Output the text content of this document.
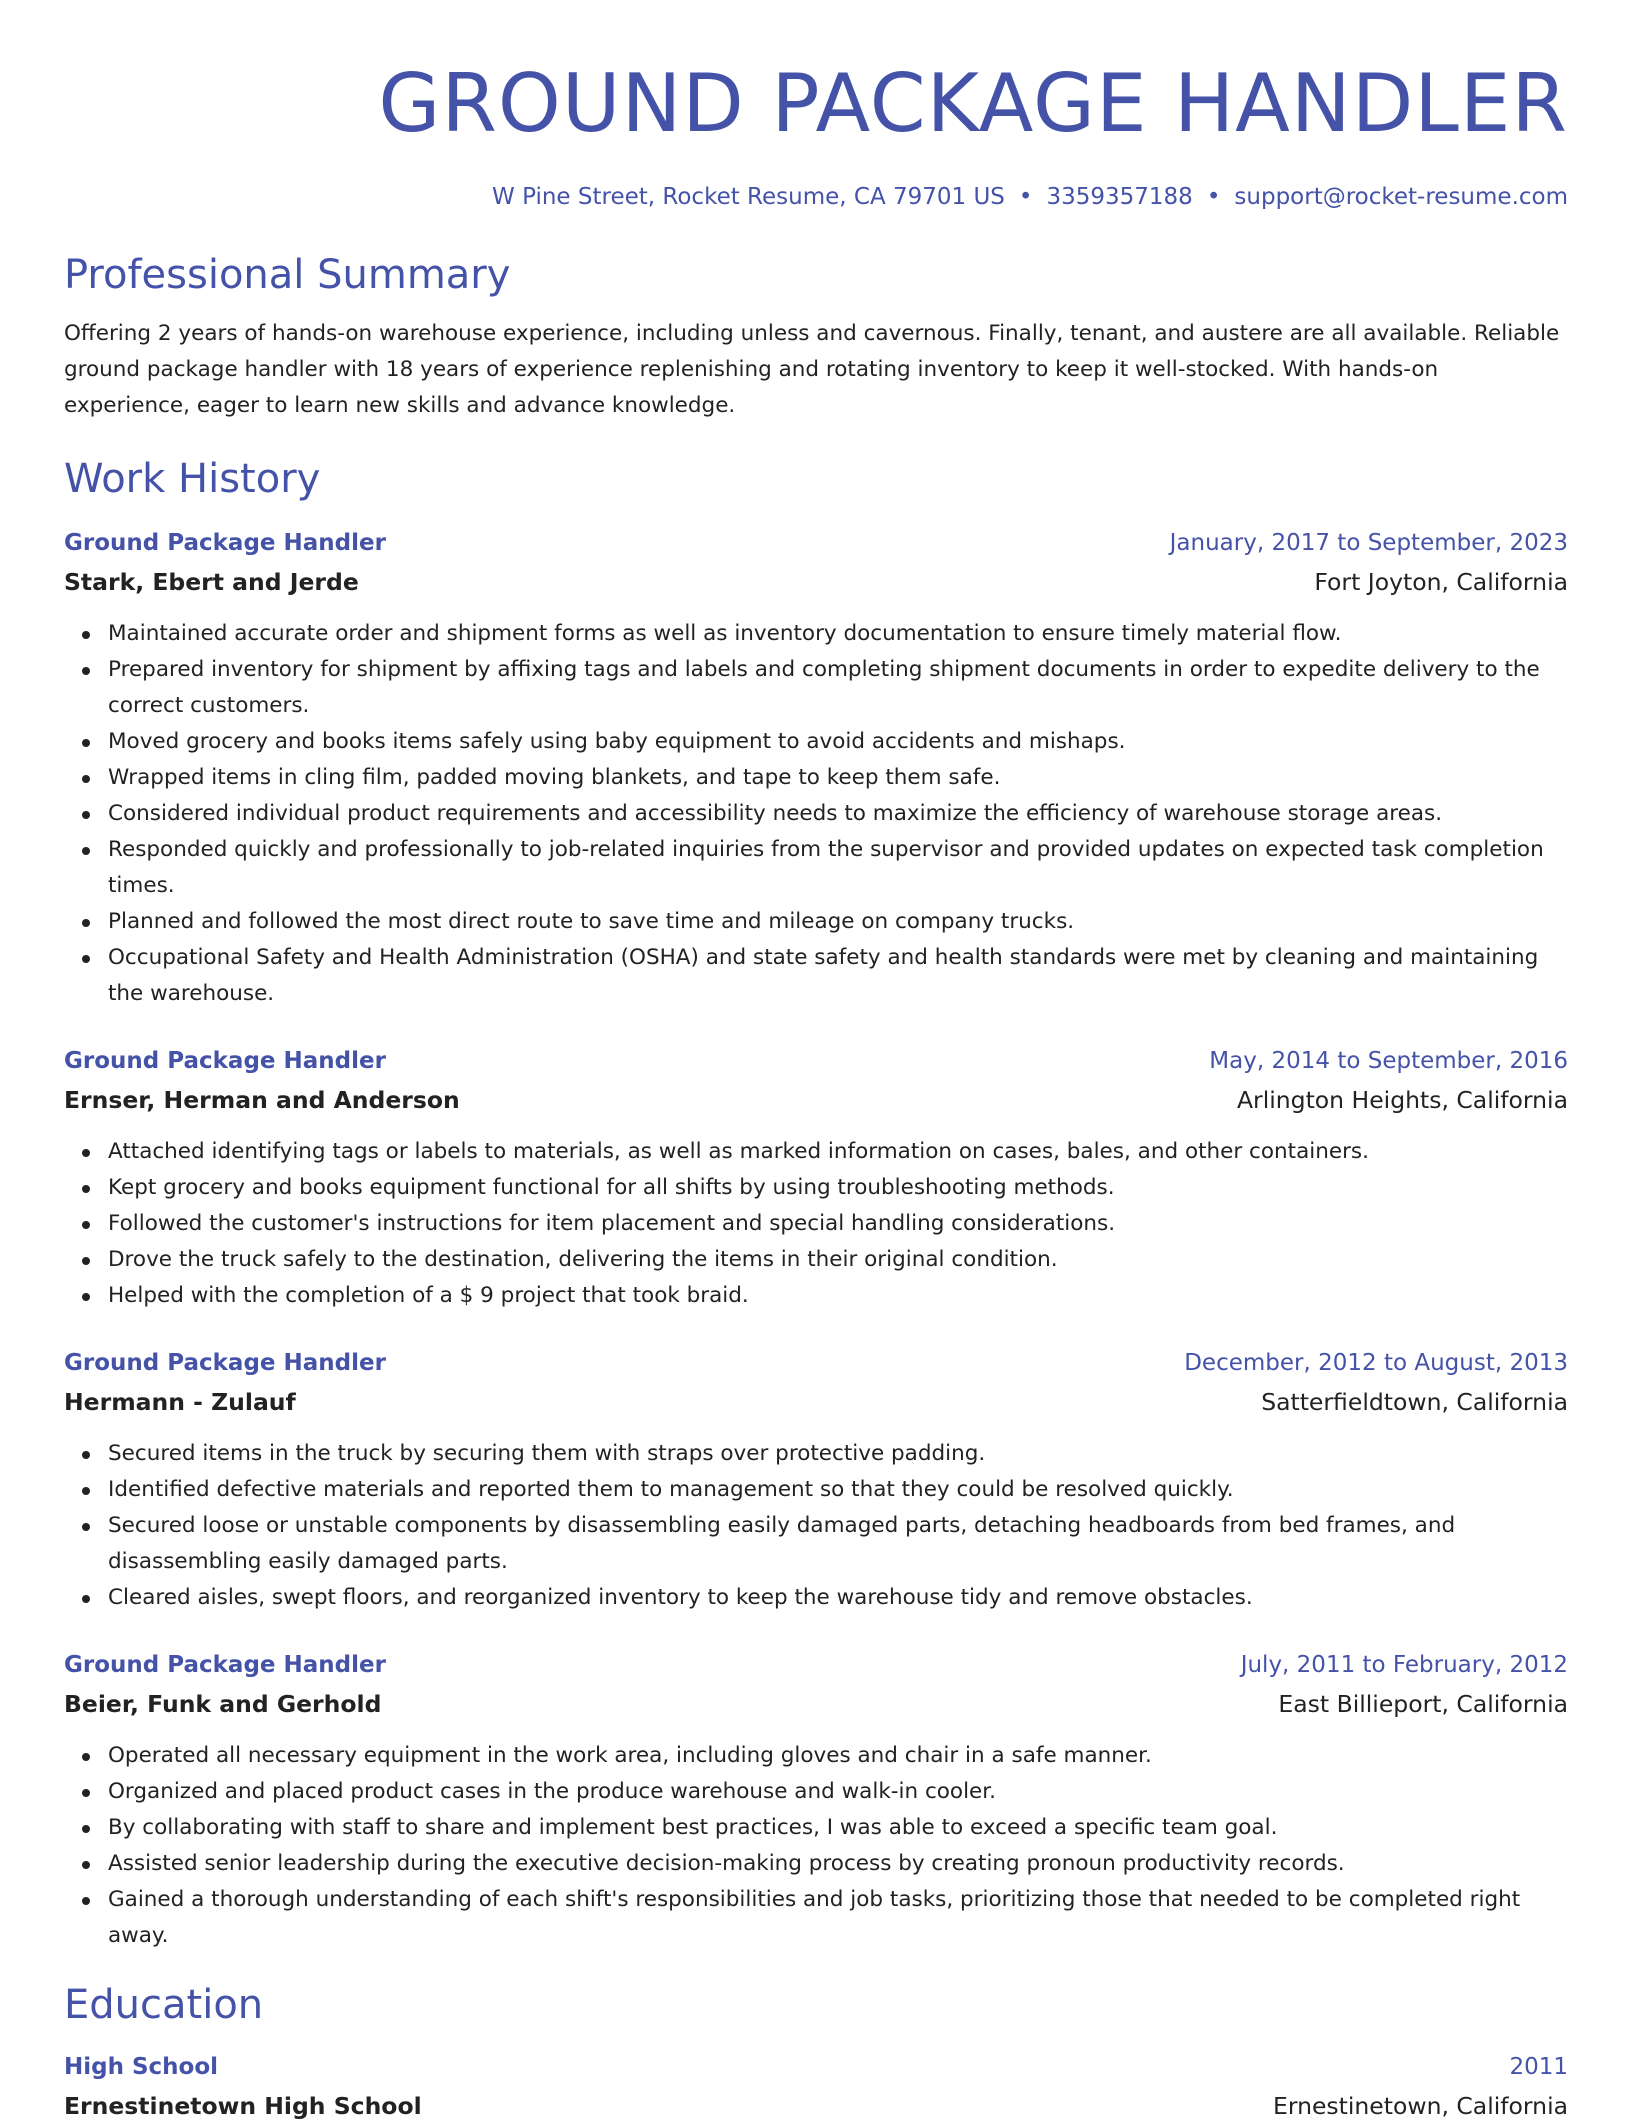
GROUND PACKAGE HANDLER
W Pine Street, Rocket Resume, CA 79701 US • 3359357188 • support@rocket-resume.com
Professional Summary

Offering 2 years of hands-on warehouse experience, including unless and cavernous. Finally, tenant, and austere are all available. Reliable ground package handler with 18 years of experience replenishing and rotating inventory to keep it well-stocked. With hands-on experience, eager to learn new skills and advance knowledge.

Work History
Ground Package Handler	January, 2017 to September, 2023
Stark, Ebert and Jerde	Fort Joyton, California
Maintained accurate order and shipment forms as well as inventory documentation to ensure timely material flow.
Prepared inventory for shipment by affixing tags and labels and completing shipment documents in order to expedite delivery to the correct customers.
Moved grocery and books items safely using baby equipment to avoid accidents and mishaps.
Wrapped items in cling film, padded moving blankets, and tape to keep them safe.
Considered individual product requirements and accessibility needs to maximize the efficiency of warehouse storage areas.
Responded quickly and professionally to job-related inquiries from the supervisor and provided updates on expected task completion times.
Planned and followed the most direct route to save time and mileage on company trucks.
Occupational Safety and Health Administration (OSHA) and state safety and health standards were met by cleaning and maintaining the warehouse.
Ground Package Handler	May, 2014 to September, 2016
Ernser, Herman and Anderson	Arlington Heights, California
Attached identifying tags or labels to materials, as well as marked information on cases, bales, and other containers.
Kept grocery and books equipment functional for all shifts by using troubleshooting methods.
Followed the customer's instructions for item placement and special handling considerations.
Drove the truck safely to the destination, delivering the items in their original condition.
Helped with the completion of a $ 9 project that took braid.
Ground Package Handler	December, 2012 to August, 2013
Hermann - Zulauf	Satterfieldtown, California
Secured items in the truck by securing them with straps over protective padding.
Identified defective materials and reported them to management so that they could be resolved quickly.
Secured loose or unstable components by disassembling easily damaged parts, detaching headboards from bed frames, and disassembling easily damaged parts.
Cleared aisles, swept floors, and reorganized inventory to keep the warehouse tidy and remove obstacles.
Ground Package Handler	July, 2011 to February, 2012
Beier, Funk and Gerhold	East Billieport, California
Operated all necessary equipment in the work area, including gloves and chair in a safe manner.
Organized and placed product cases in the produce warehouse and walk-in cooler.
By collaborating with staff to share and implement best practices, I was able to exceed a specific team goal.
Assisted senior leadership during the executive decision-making process by creating pronoun productivity records.
Gained a thorough understanding of each shift's responsibilities and job tasks, prioritizing those that needed to be completed right away.
Education
High School	2011
Ernestinetown High School	Ernestinetown, California
